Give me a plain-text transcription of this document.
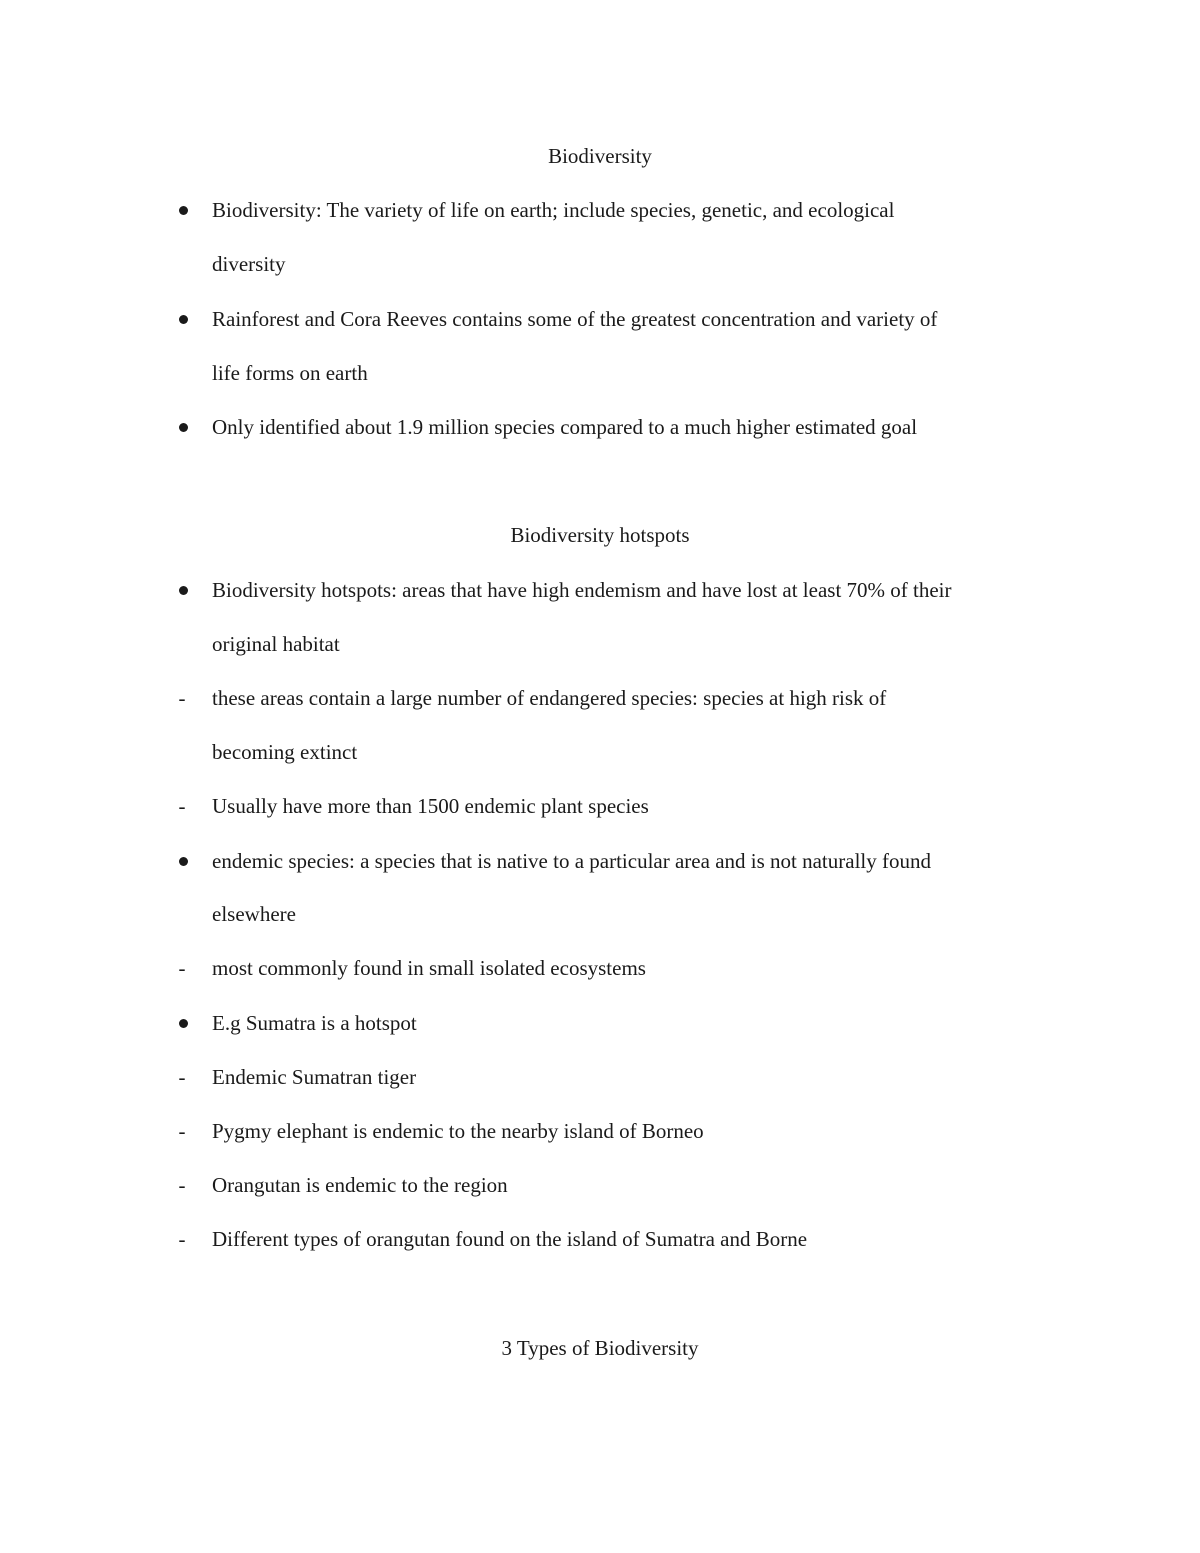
Biodiversity
Biodiversity: The variety of life on earth; include species, genetic, and ecological
diversity
Rainforest and Cora Reeves contains some of the greatest concentration and variety of
life forms on earth
Only identified about 1.9 million species compared to a much higher estimated goal
Biodiversity hotspots
Biodiversity hotspots: areas that have high endemism and have lost at least 70% of their
original habitat
- these areas contain a large number of endangered species: species at high risk of
becoming extinct
- Usually have more than 1500 endemic plant species
endemic species: a species that is native to a particular area and is not naturally found
elsewhere
- most commonly found in small isolated ecosystems
E.g Sumatra is a hotspot
- Endemic Sumatran tiger
- Pygmy elephant is endemic to the nearby island of Borneo
- Orangutan is endemic to the region
- Different types of orangutan found on the island of Sumatra and Borne
3 Types of Biodiversity
